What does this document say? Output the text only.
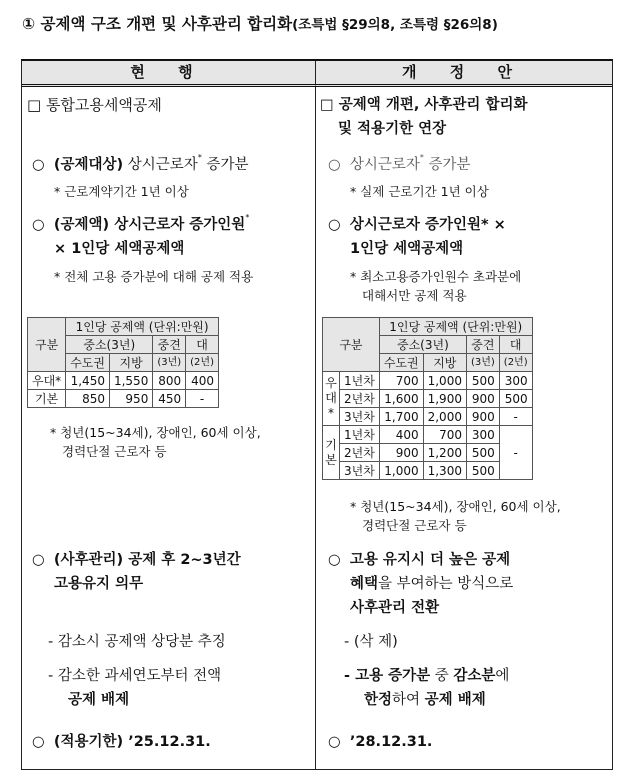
① 공제액 구조 개편 및 사후관리 합리화(조특법 §29의8, 조특령 §26의8)
현 행	개 정 안
□ 통합고용세액공제
○ (공제대상) 상시근로자* 증가분
* 근로계약기간 1년 이상
○ (공제액) 상시근로자 증가인원*
× 1인당 세액공제액
* 전체 고용 증가분에 대해 공제 적용
구분	1인당 공제액 (단위:만원)			
	중소(3년)		중견	대
	수도권	지방	(3년)	(2년)
우대*	1,450	1,550	800	400
기본	850	950	450	-
* 청년(15~34세), 장애인, 60세 이상,
경력단절 근로자 등
○ (사후관리) 공제 후 2~3년간
고용유지 의무
- 감소시 공제액 상당분 추징
- 감소한 과세연도부터 전액
공제 배제
○ (적용기한) ’25.12.31.
□ 공제액 개편, 사후관리 합리화
및 적용기한 연장
○ 상시근로자* 증가분
* 실제 근로기간 1년 이상
○ 상시근로자 증가인원* ×
1인당 세액공제액
* 최소고용증가인원수 초과분에
대해서만 공제 적용
구분		1인당 공제액 (단위:만원)			
		중소(3년)		중견	대
		수도권	지방	(3년)	(2년)
우대*	1년차	700	1,000	500	300
	2년차	1,600	1,900	900	500
	3년차	1,700	2,000	900	-
기본	1년차	400	700	300	-
	2년차	900	1,200	500	
	3년차	1,000	1,300	500	
* 청년(15~34세), 장애인, 60세 이상,
경력단절 근로자 등
○ 고용 유지시 더 높은 공제
혜택을 부여하는 방식으로
사후관리 전환
- (삭 제)
- 고용 증가분 중 감소분에
한정하여 공제 배제
○ ’28.12.31.
